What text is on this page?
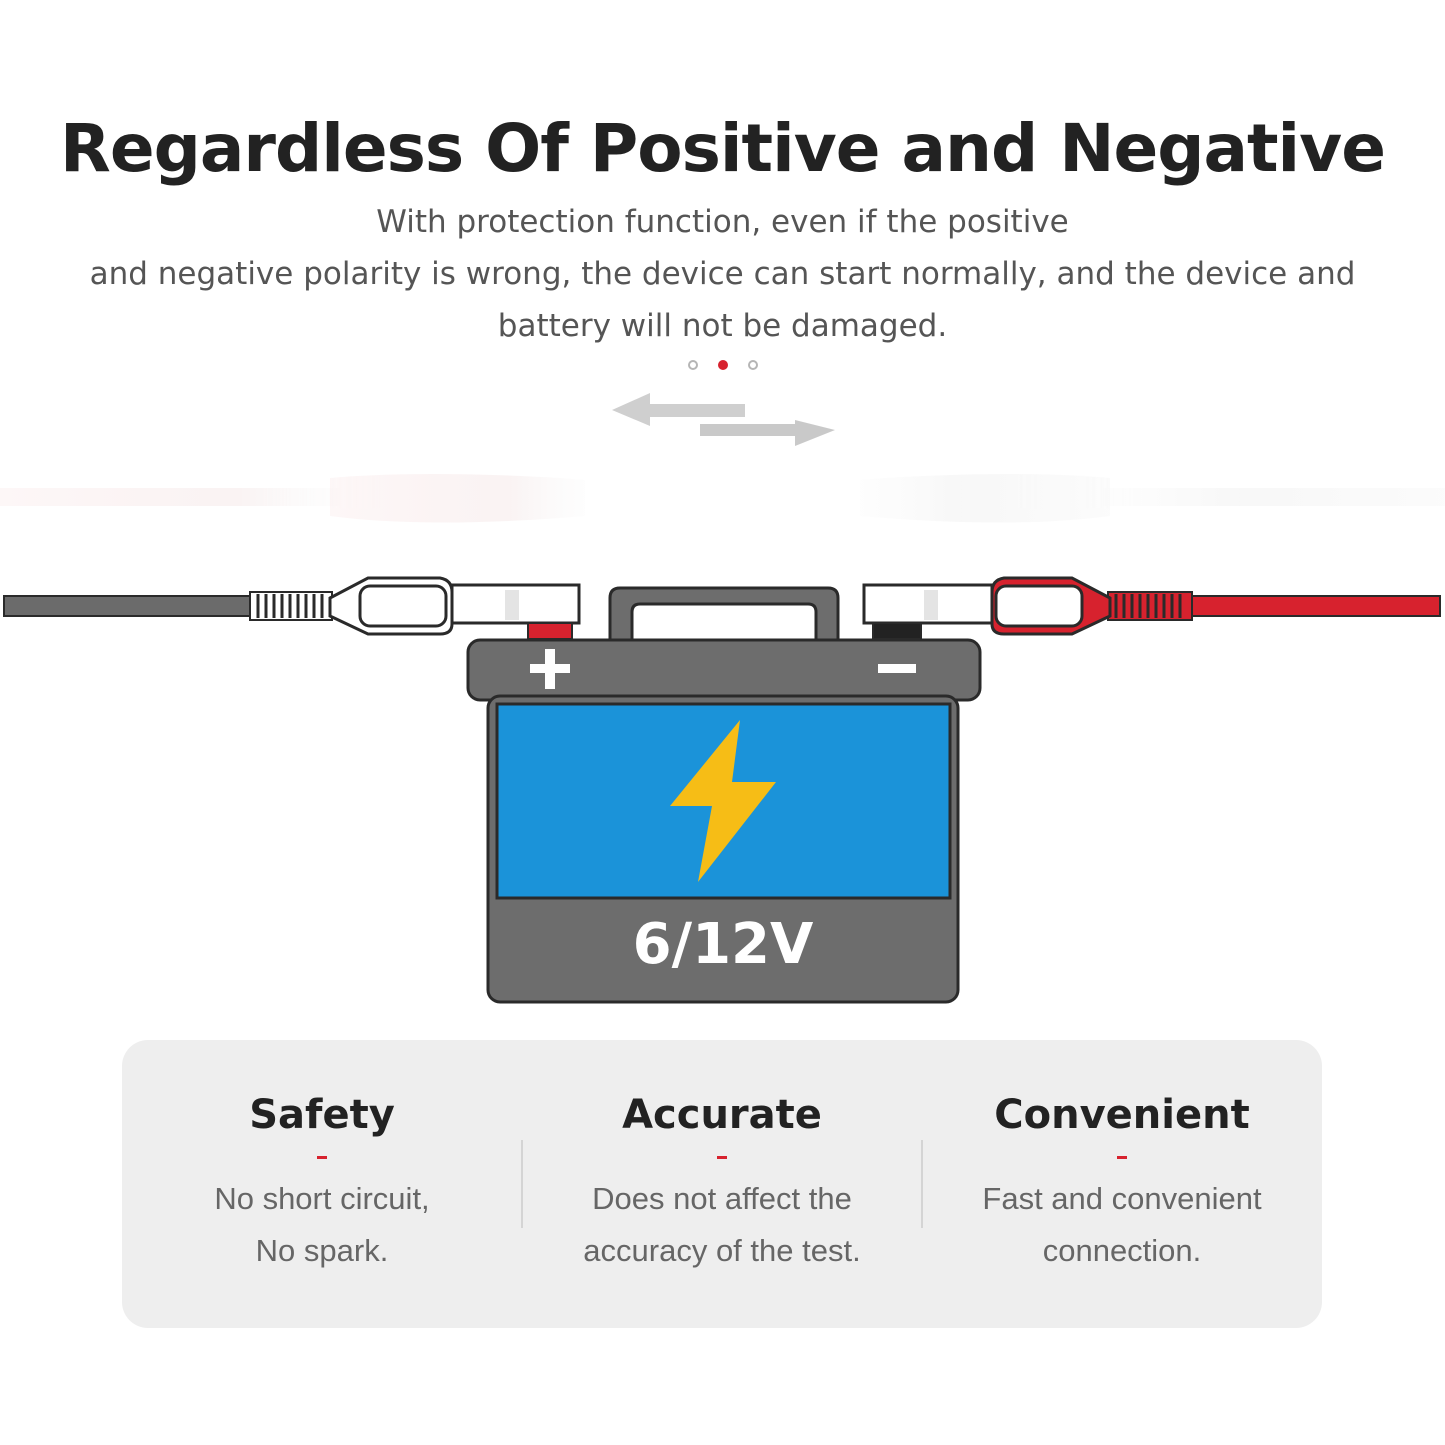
Regardless Of Positive and Negative
With protection function, even if the positive
and negative polarity is wrong, the device can start normally, and the device and
battery will not be damaged.
6/12V
Safety
No short circuit,
No spark.
Accurate
Does not affect the
accuracy of the test.
Convenient
Fast and convenient
connection.
